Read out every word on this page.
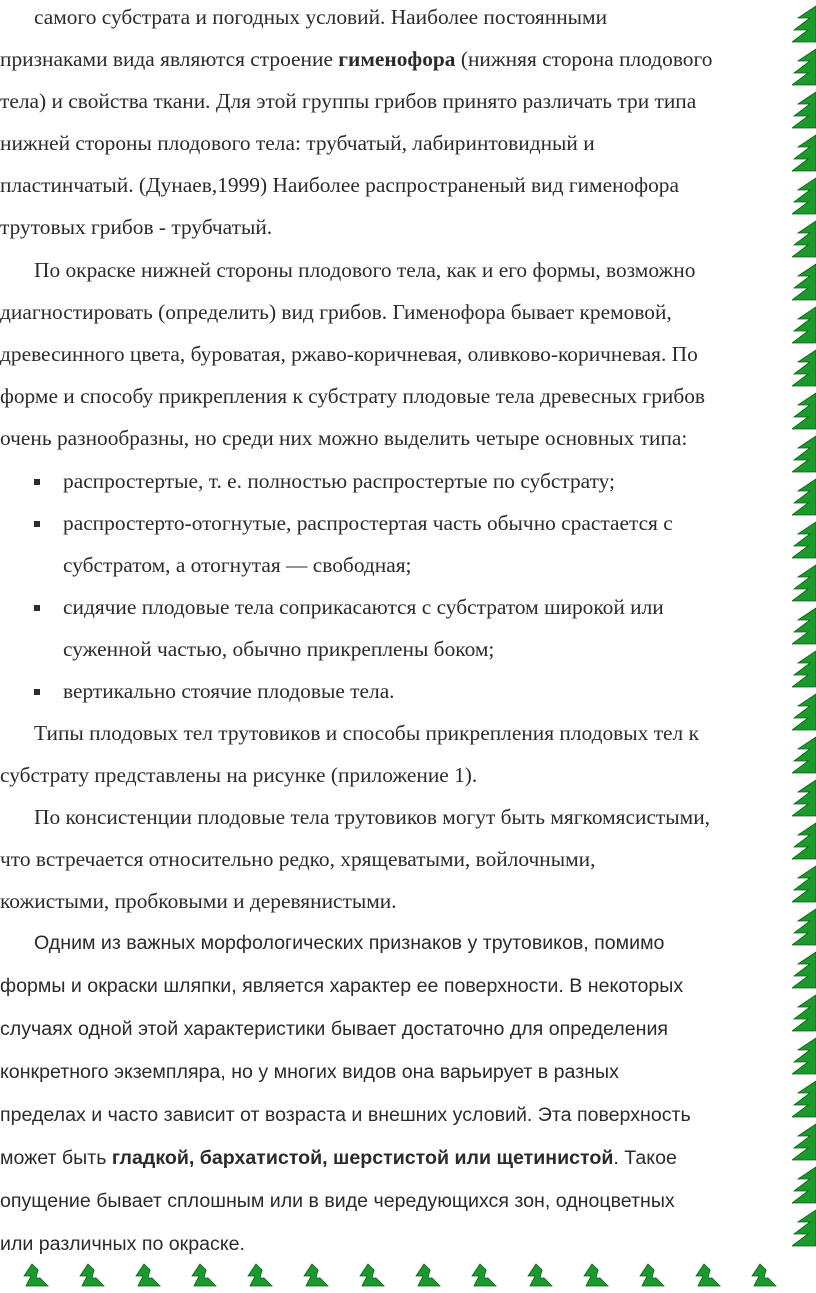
самого субстрата и погодных условий. Наиболее постоянными
признаками вида являются строение гименофора (нижняя сторона плодового
тела) и свойства ткани. Для этой группы грибов принято различать три типа
нижней стороны плодового тела: трубчатый, лабиринтовидный и
пластинчатый. (Дунаев,1999) Наиболее распространеный вид гименофора
трутовых грибов - трубчатый.
По окраске нижней стороны плодового тела, как и его формы, возможно
диагностировать (определить) вид грибов. Гименофора бывает кремовой,
древесинного цвета, буроватая, ржаво-коричневая, оливково-коричневая. По
форме и способу прикрепления к субстрату плодовые тела древесных грибов
очень разнообразны, но среди них можно выделить четыре основных типа:
распростертые, т. е. полностью распростертые по субстрату;
распростерто-отогнутые, распростертая часть обычно срастается с
субстратом, а отогнутая — свободная;
сидячие плодовые тела соприкасаются с субстратом широкой или
суженной частью, обычно прикреплены боком;
вертикально стоячие плодовые тела.
Типы плодовых тел трутовиков и способы прикрепления плодовых тел к
субстрату представлены на рисунке (приложение 1).
По консистенции плодовые тела трутовиков могут быть мягкомясистыми,
что встречается относительно редко, хрящеватыми, войлочными,
кожистыми, пробковыми и деревянистыми.
Одним из важных морфологических признаков у трутовиков, помимо
формы и окраски шляпки, является характер ее поверхности. В некоторых
случаях одной этой характеристики бывает достаточно для определения
конкретного экземпляра, но у многих видов она варьирует в разных
пределах и часто зависит от возраста и внешних условий. Эта поверхность
может быть гладкой, бархатистой, шерстистой или щетинистой. Такое
опущение бывает сплошным или в виде чередующихся зон, одноцветных
или различных по окраске.
